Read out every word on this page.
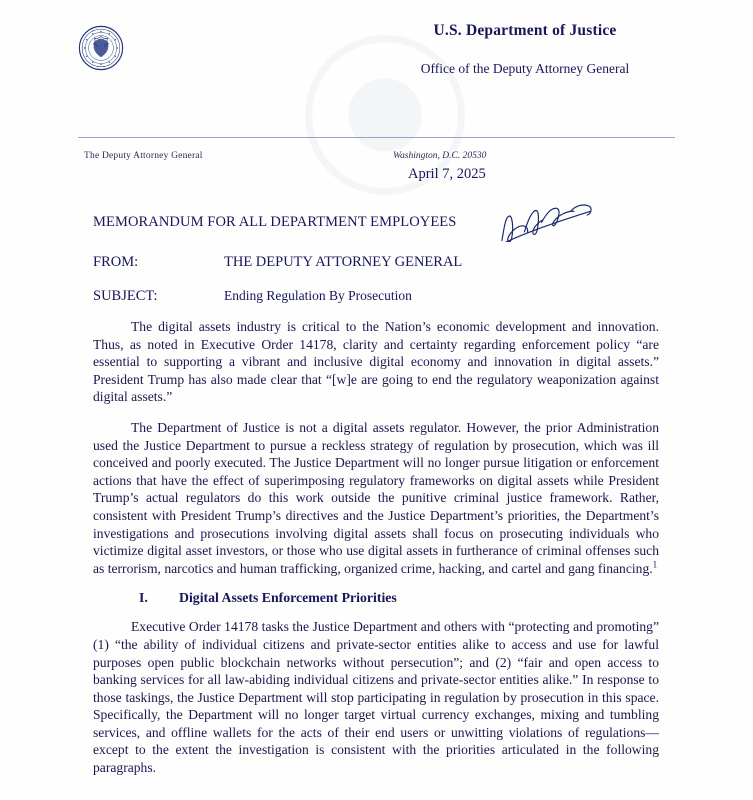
U.S. Department of Justice
Office of the Deputy Attorney General
The Deputy Attorney General	Washington, D.C. 20530
April 7, 2025
MEMORANDUM FOR ALL DEPARTMENT EMPLOYEES
FROM:	THE DEPUTY ATTORNEY GENERAL
SUBJECT:	Ending Regulation By Prosecution

The digital assets industry is critical to the Nation’s economic development and innovation. Thus, as noted in Executive Order 14178, clarity and certainty regarding enforcement policy “are essential to supporting a vibrant and inclusive digital economy and innovation in digital assets.” President Trump has also made clear that “[w]e are going to end the regulatory weaponization against digital assets.”

The Department of Justice is not a digital assets regulator. However, the prior Administration used the Justice Department to pursue a reckless strategy of regulation by prosecution, which was ill conceived and poorly executed. The Justice Department will no longer pursue litigation or enforcement actions that have the effect of superimposing regulatory frameworks on digital assets while President Trump’s actual regulators do this work outside the punitive criminal justice framework. Rather, consistent with President Trump’s directives and the Justice Department’s priorities, the Department’s investigations and prosecutions involving digital assets shall focus on prosecuting individuals who victimize digital asset investors, or those who use digital assets in furtherance of criminal offenses such as terrorism, narcotics and human trafficking, organized crime, hacking, and cartel and gang financing.$^1$

I. Digital Assets Enforcement Priorities

Executive Order 14178 tasks the Justice Department and others with “protecting and promoting” (1) “the ability of individual citizens and private-sector entities alike to access and use for lawful purposes open public blockchain networks without persecution”; and (2) “fair and open access to banking services for all law-abiding individual citizens and private-sector entities alike.” In response to those taskings, the Justice Department will stop participating in regulation by prosecution in this space. Specifically, the Department will no longer target virtual currency exchanges, mixing and tumbling services, and offline wallets for the acts of their end users or unwitting violations of regulations—except to the extent the investigation is consistent with the priorities articulated in the following paragraphs.
